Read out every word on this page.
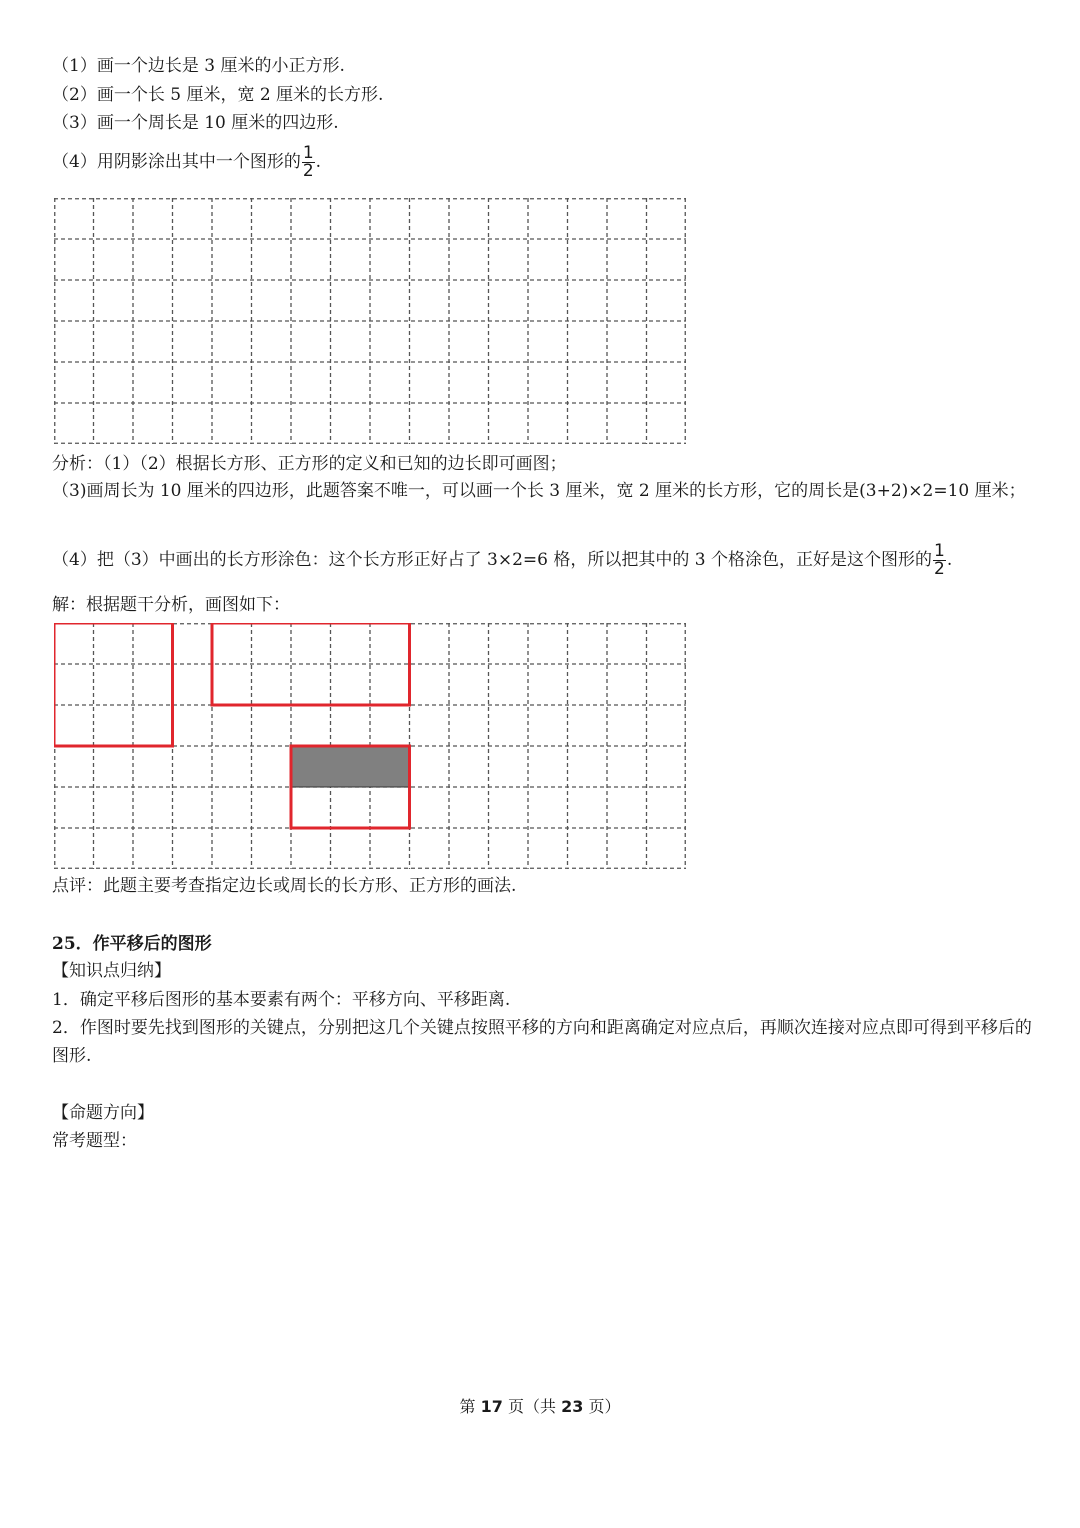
（1）画一个边长是 3 厘米的小正方形.
（2）画一个长 5 厘米，宽 2 厘米的长方形.
（3）画一个周长是 10 厘米的四边形.
（4）用阴影涂出其中一个图形的 $\frac{1}{2}$ .
分析：（1）（2）根据长方形、正方形的定义和已知的边长即可画图；
（3)画周长为 10 厘米的四边形，此题答案不唯一，可以画一个长 3 厘米，宽 2 厘米的长方形，它的周长是(3+2)×2=10 厘米；
（4）把（3）中画出的长方形涂色：这个长方形正好占了 3×2=6 格，所以把其中的 3 个格涂色，正好是这个图形的 $\frac{1}{2}$ .
解：根据题干分析，画图如下：
点评：此题主要考查指定边长或周长的长方形、正方形的画法.
25．作平移后的图形
【知识点归纳】
1．确定平移后图形的基本要素有两个：平移方向、平移距离.
2．作图时要先找到图形的关键点，分别把这几个关键点按照平移的方向和距离确定对应点后，再顺次连接对应点即可得到平移后的图形.
【命题方向】
常考题型：
第 17 页（共 23 页）
